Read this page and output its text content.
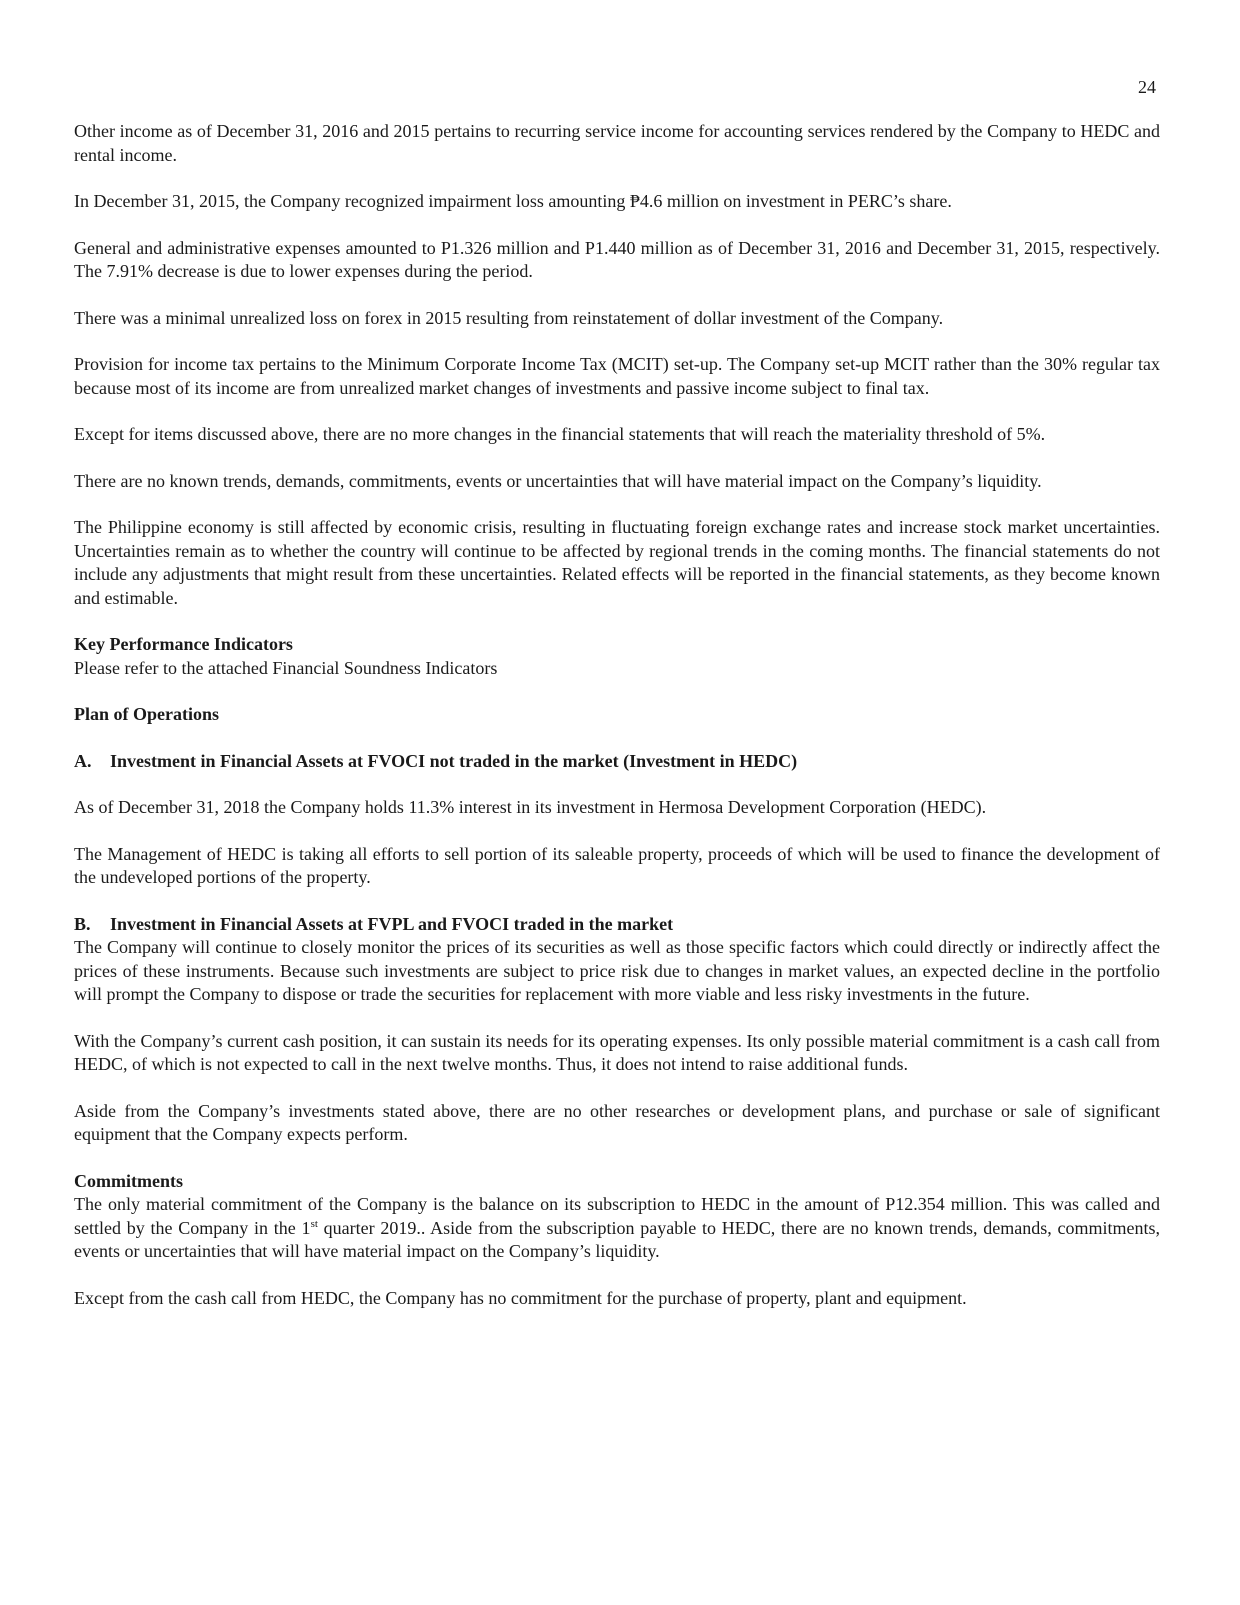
24

Other income as of December 31, 2016 and 2015 pertains to recurring service income for accounting services rendered by the Company to HEDC and rental income.

In December 31, 2015, the Company recognized impairment loss amounting ₱4.6 million on investment in PERC’s share.

General and administrative expenses amounted to P1.326 million and P1.440 million as of December 31, 2016 and December 31, 2015, respectively. The 7.91% decrease is due to lower expenses during the period.

There was a minimal unrealized loss on forex in 2015 resulting from reinstatement of dollar investment of the Company.

Provision for income tax pertains to the Minimum Corporate Income Tax (MCIT) set-up. The Company set-up MCIT rather than the 30% regular tax because most of its income are from unrealized market changes of investments and passive income subject to final tax.

Except for items discussed above, there are no more changes in the financial statements that will reach the materiality threshold of 5%.

There are no known trends, demands, commitments, events or uncertainties that will have material impact on the Company’s liquidity.

The Philippine economy is still affected by economic crisis, resulting in fluctuating foreign exchange rates and increase stock market uncertainties. Uncertainties remain as to whether the country will continue to be affected by regional trends in the coming months. The financial statements do not include any adjustments that might result from these uncertainties. Related effects will be reported in the financial statements, as they become known and estimable.

Key Performance Indicators

Please refer to the attached Financial Soundness Indicators

Plan of Operations

A. Investment in Financial Assets at FVOCI not traded in the market (Investment in HEDC)

As of December 31, 2018 the Company holds 11.3% interest in its investment in Hermosa Development Corporation (HEDC).

The Management of HEDC is taking all efforts to sell portion of its saleable property, proceeds of which will be used to finance the development of the undeveloped portions of the property.

B. Investment in Financial Assets at FVPL and FVOCI traded in the market

The Company will continue to closely monitor the prices of its securities as well as those specific factors which could directly or indirectly affect the prices of these instruments. Because such investments are subject to price risk due to changes in market values, an expected decline in the portfolio will prompt the Company to dispose or trade the securities for replacement with more viable and less risky investments in the future.

With the Company’s current cash position, it can sustain its needs for its operating expenses. Its only possible material commitment is a cash call from HEDC, of which is not expected to call in the next twelve months. Thus, it does not intend to raise additional funds.

Aside from the Company’s investments stated above, there are no other researches or development plans, and purchase or sale of significant equipment that the Company expects perform.

Commitments

The only material commitment of the Company is the balance on its subscription to HEDC in the amount of P12.354 million. This was called and settled by the Company in the 1st quarter 2019.. Aside from the subscription payable to HEDC, there are no known trends, demands, commitments, events or uncertainties that will have material impact on the Company’s liquidity.

Except from the cash call from HEDC, the Company has no commitment for the purchase of property, plant and equipment.
